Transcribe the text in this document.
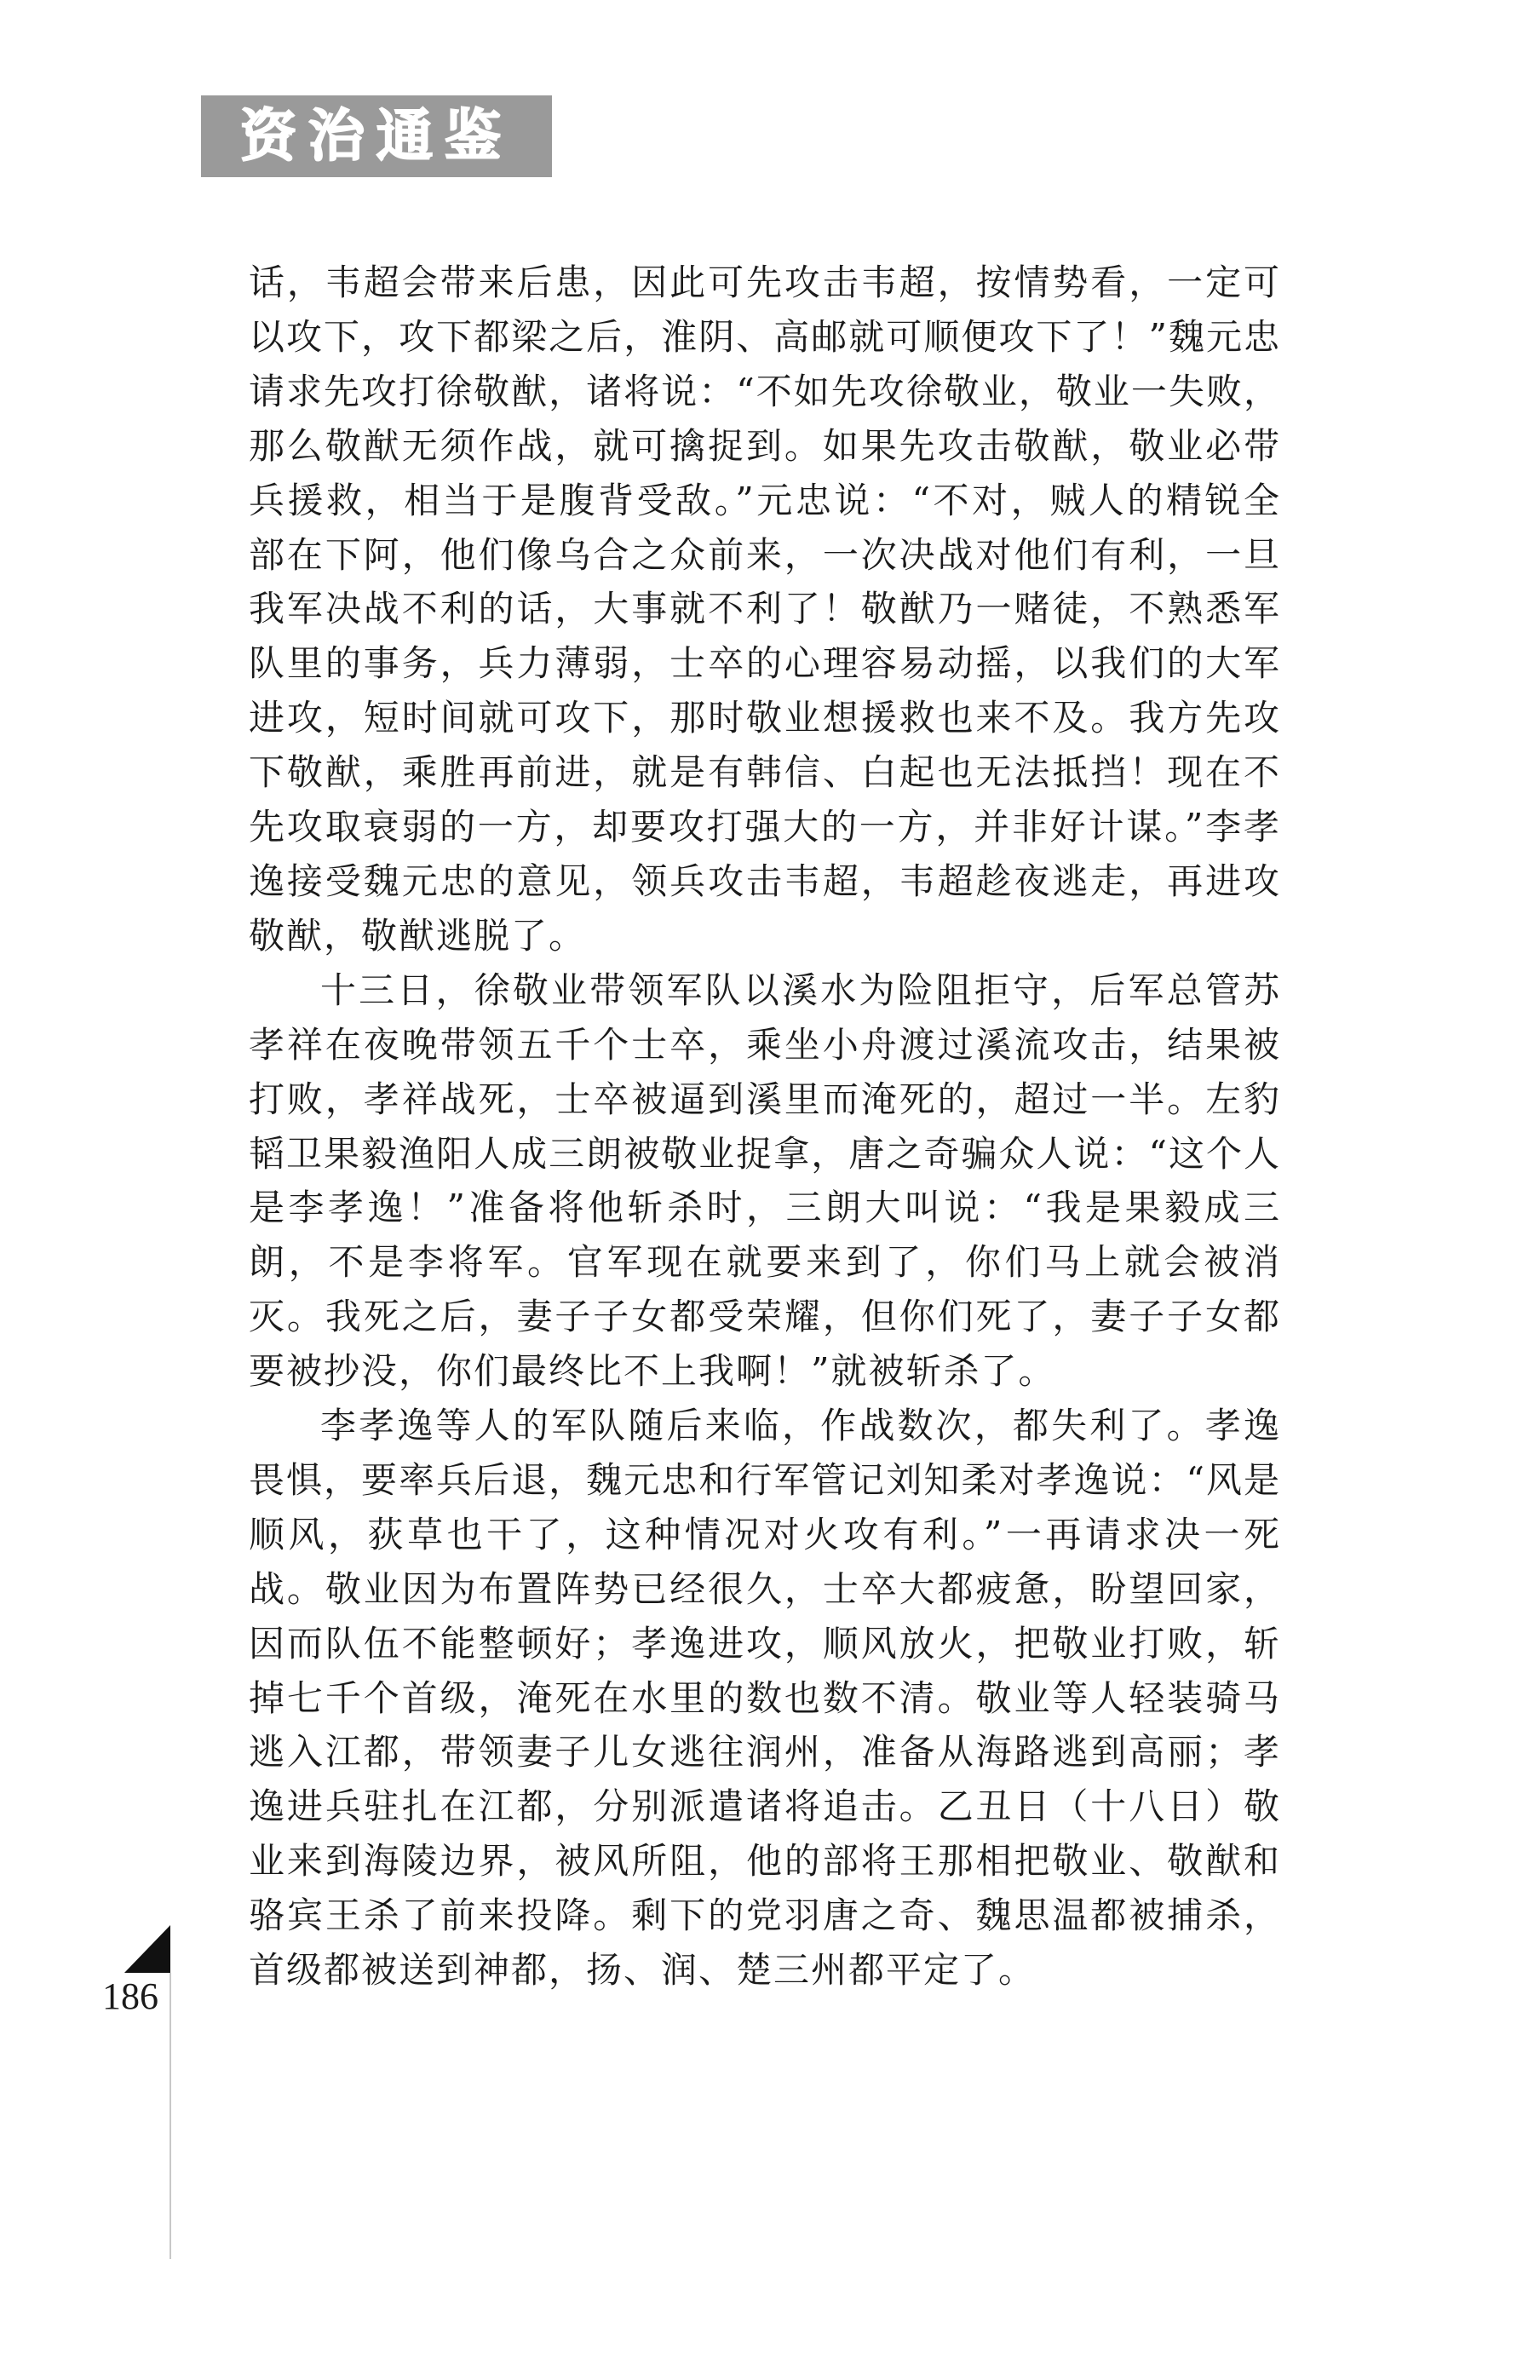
资治通鉴

话，韦超会带来后患，因此可先攻击韦超，按情势看，一定可以攻下，攻下都梁之后，淮阴、高邮就可顺便攻下了！”魏元忠请求先攻打徐敬猷，诸将说：“不如先攻徐敬业，敬业一失败，那么敬猷无须作战，就可擒捉到。如果先攻击敬猷，敬业必带兵援救，相当于是腹背受敌。”元忠说：“不对，贼人的精锐全部在下阿，他们像乌合之众前来，一次决战对他们有利，一旦我军决战不利的话，大事就不利了！敬猷乃一赌徒，不熟悉军队里的事务，兵力薄弱，士卒的心理容易动摇，以我们的大军进攻，短时间就可攻下，那时敬业想援救也来不及。我方先攻下敬猷，乘胜再前进，就是有韩信、白起也无法抵挡！现在不先攻取衰弱的一方，却要攻打强大的一方，并非好计谋。”李孝逸接受魏元忠的意见，领兵攻击韦超，韦超趁夜逃走，再进攻敬猷，敬猷逃脱了。

十三日，徐敬业带领军队以溪水为险阻拒守，后军总管苏孝祥在夜晚带领五千个士卒，乘坐小舟渡过溪流攻击，结果被打败，孝祥战死，士卒被逼到溪里而淹死的，超过一半。左豹韬卫果毅渔阳人成三朗被敬业捉拿，唐之奇骗众人说：“这个人是李孝逸！”准备将他斩杀时，三朗大叫说：“我是果毅成三朗，不是李将军。官军现在就要来到了，你们马上就会被消灭。我死之后，妻子子女都受荣耀，但你们死了，妻子子女都要被抄没，你们最终比不上我啊！”就被斩杀了。

李孝逸等人的军队随后来临，作战数次，都失利了。孝逸畏惧，要率兵后退，魏元忠和行军管记刘知柔对孝逸说：“风是顺风，荻草也干了，这种情况对火攻有利。”一再请求决一死战。敬业因为布置阵势已经很久，士卒大都疲惫，盼望回家，因而队伍不能整顿好；孝逸进攻，顺风放火，把敬业打败，斩掉七千个首级，淹死在水里的数也数不清。敬业等人轻装骑马逃入江都，带领妻子儿女逃往润州，准备从海路逃到高丽；孝逸进兵驻扎在江都，分别派遣诸将追击。乙丑日（十八日）敬业来到海陵边界，被风所阻，他的部将王那相把敬业、敬猷和骆宾王杀了前来投降。剩下的党羽唐之奇、魏思温都被捕杀，首级都被送到神都，扬、润、楚三州都平定了。

186
